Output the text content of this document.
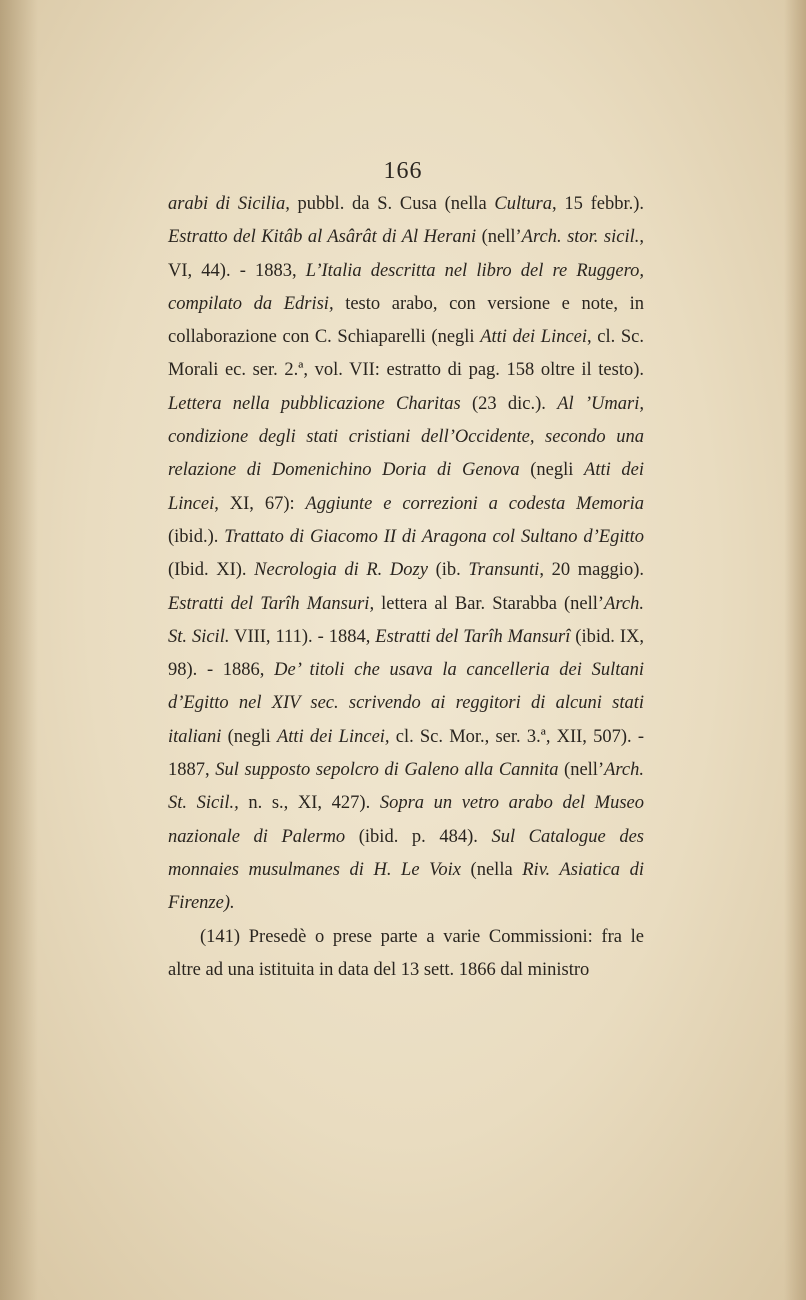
166

arabi di Sicilia, pubbl. da S. Cusa (nella Cultura, 15 febbr.). Estratto del Kitâb al Asârât di Al Herani (nell’Arch. stor. sicil., VI, 44). - 1883, L’Italia descritta nel libro del re Ruggero, compilato da Edrisi, testo arabo, con versione e note, in collaborazione con C. Schiaparelli (negli Atti dei Lincei, cl. Sc. Morali ec. ser. 2.ª, vol. VII: estratto di pag. 158 oltre il testo). Lettera nella pubblicazione Charitas (23 dic.). Al ’Umari, condizione degli stati cristiani dell’Occidente, secondo una relazione di Domenichino Doria di Genova (negli Atti dei Lincei, XI, 67): Aggiunte e correzioni a codesta Memoria (ibid.). Trattato di Giacomo II di Aragona col Sultano d’Egitto (Ibid. XI). Necrologia di R. Dozy (ib. Transunti, 20 maggio). Estratti del Tarîh Mansuri, lettera al Bar. Starabba (nell’Arch. St. Sicil. VIII, 111). - 1884, Estratti del Tarîh Mansurî (ibid. IX, 98). - 1886, De’ titoli che usava la cancelleria dei Sultani d’Egitto nel XIV sec. scrivendo ai reggitori di alcuni stati italiani (negli Atti dei Lincei, cl. Sc. Mor., ser. 3.ª, XII, 507). - 1887, Sul supposto sepolcro di Galeno alla Cannita (nell’Arch. St. Sicil., n. s., XI, 427). Sopra un vetro arabo del Museo nazionale di Palermo (ibid. p. 484). Sul Catalogue des monnaies musulmanes di H. Le Voix (nella Riv. Asiatica di Firenze).

(141) Presedè o prese parte a varie Commissioni: fra le altre ad una istituita in data del 13 sett. 1866 dal ministro
